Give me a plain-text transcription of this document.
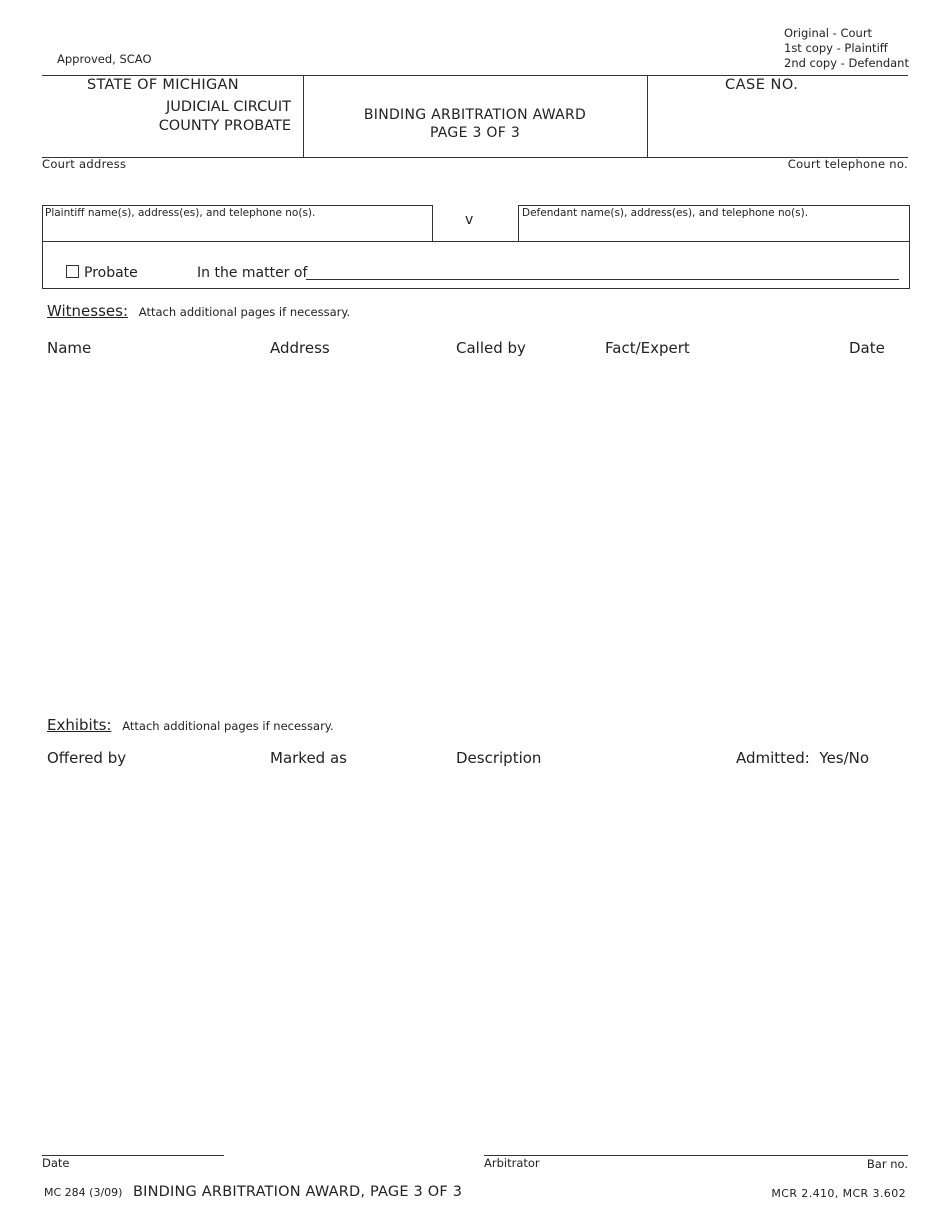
Original - Court
1st copy - Plaintiff
2nd copy - Defendant
Approved, SCAO
STATE OF MICHIGAN
JUDICIAL CIRCUIT
COUNTY PROBATE
BINDING ARBITRATION AWARD
PAGE 3 OF 3
CASE NO.
Court address	Court telephone no.
Plaintiff name(s), address(es), and telephone no(s).	v	Defendant name(s), address(es), and telephone no(s).
Probate	In the matter of
Witnesses: Attach additional pages if necessary.
Name	Address	Called by	Fact/Expert	Date
Exhibits: Attach additional pages if necessary.
Offered by	Marked as	Description	Admitted:  Yes/No
Date	Arbitrator	Bar no.
MC 284 (3/09) BINDING ARBITRATION AWARD, PAGE 3 OF 3	MCR 2.410, MCR 3.602
